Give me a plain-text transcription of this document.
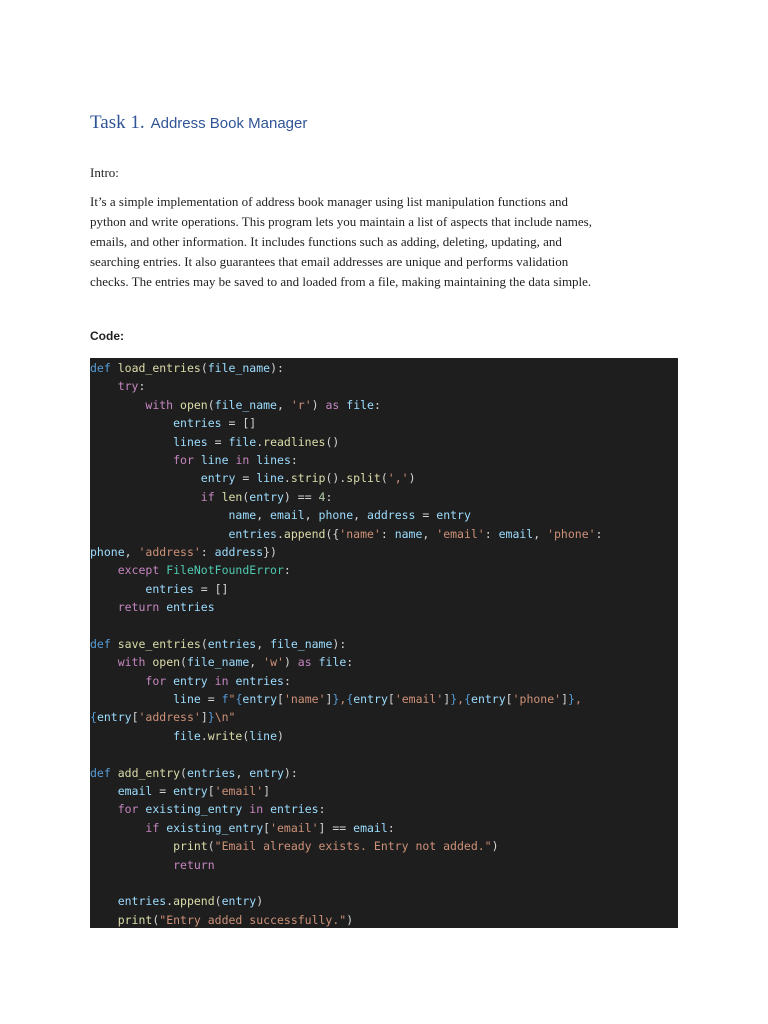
Task 1. Address Book Manager

Intro:

It’s a simple implementation of address book manager using list manipulation functions and
python and write operations. This program lets you maintain a list of aspects that include names,
emails, and other information. It includes functions such as adding, deleting, updating, and
searching entries. It also guarantees that email addresses are unique and performs validation
checks. The entries may be saved to and loaded from a file, making maintaining the data simple.

Code:

def load_entries(file_name):
try:
with open(file_name, 'r') as file:
entries = []
lines = file.readlines()
for line in lines:
entry = line.strip().split(',')
if len(entry) == 4:
name, email, phone, address = entry
entries.append({'name': name, 'email': email, 'phone':
phone, 'address': address})
except FileNotFoundError:
entries = []
return entries

def save_entries(entries, file_name):
with open(file_name, 'w') as file:
for entry in entries:
line = f"{entry['name']},{entry['email']},{entry['phone']},
{entry['address']}\n"
file.write(line)

def add_entry(entries, entry):
email = entry['email']
for existing_entry in entries:
if existing_entry['email'] == email:
print("Email already exists. Entry not added.")
return

entries.append(entry)
print("Entry added successfully.")
